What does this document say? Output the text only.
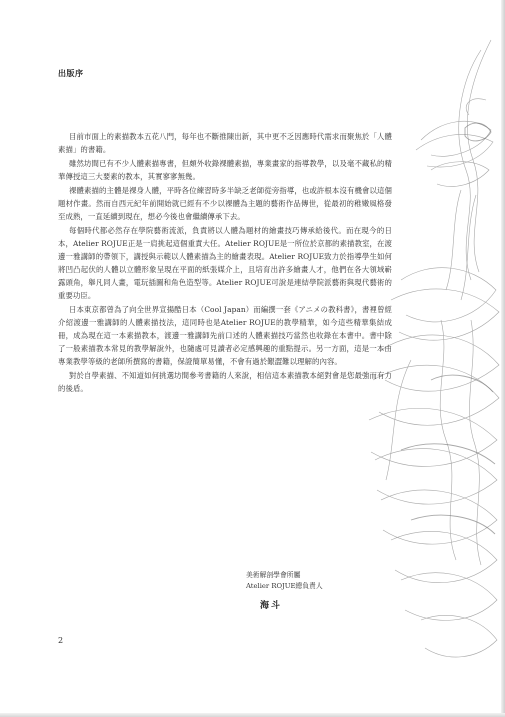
出版序

目前市面上的素描教本五花八門，每年也不斷推陳出新，其中更不乏因應時代需求而聚焦於「人體素描」的書籍。

雖然坊間已有不少人體素描專書，但頗外收錄裸體素描，專業畫家的指導教學，以及毫不藏私的精華傳授這三大要素的教本，其實寥寥無幾。

裸體素描的主體是裸身人體，平時各位練習時多半缺乏老師從旁指導，也或許根本沒有機會以這個題材作畫。然而自西元紀年前開始就已經有不少以裸體為主題的藝術作品傳世，從最初的稚嫩風格發至成熟，一直延續到現在，想必今後也會繼續傳承下去。

每個時代都必然存在學院藝術流派，負責將以人體為題材的繪畫技巧傳承給後代。而在現今的日本，Atelier ROJUE正是一肩挑起這個重責大任。Atelier ROJUE是一所位於京都的素描教室，在渡邊一雅講師的帶領下，講授與示範以人體素描為主的繪畫表現。Atelier ROJUE致力於指導學生如何將凹凸起伏的人體以立體形象呈現在平面的紙張媒介上，且培育出許多繪畫人才，他們在各大領域嶄露頭角，舉凡同人畫，電玩插圖和角色造型等。Atelier ROJUE可說是連結學院派藝術與現代藝術的重要功臣。

日本東京都曾為了向全世界宣揚酷日本（Cool Japan）而編撰一套《アニメの教科書》，書裡曾經介紹渡邊一雅講師的人體素描技法，這同時也是Atelier ROJUE的教學精華，如今這些精華集結成冊，成為現在這一本素描教本，渡邊一雅講師先前口述的人體素描技巧當然也收錄在本書中。書中除了一般素描教本常見的教學解說外，也隨處可見讀者必定感興趣的重點提示。另一方面，這是一本由專業教學等級的老師所撰寫的書籍，保證簡單易懂，不會有過於艱澀難以理解的內容。

對於自學素描、不知道如何挑選坊間參考書籍的人來說，相信這本素描教本絕對會是您最強而有力的後盾。

美術解剖學會所屬
Atelier ROJUE總負責人
海斗
2
